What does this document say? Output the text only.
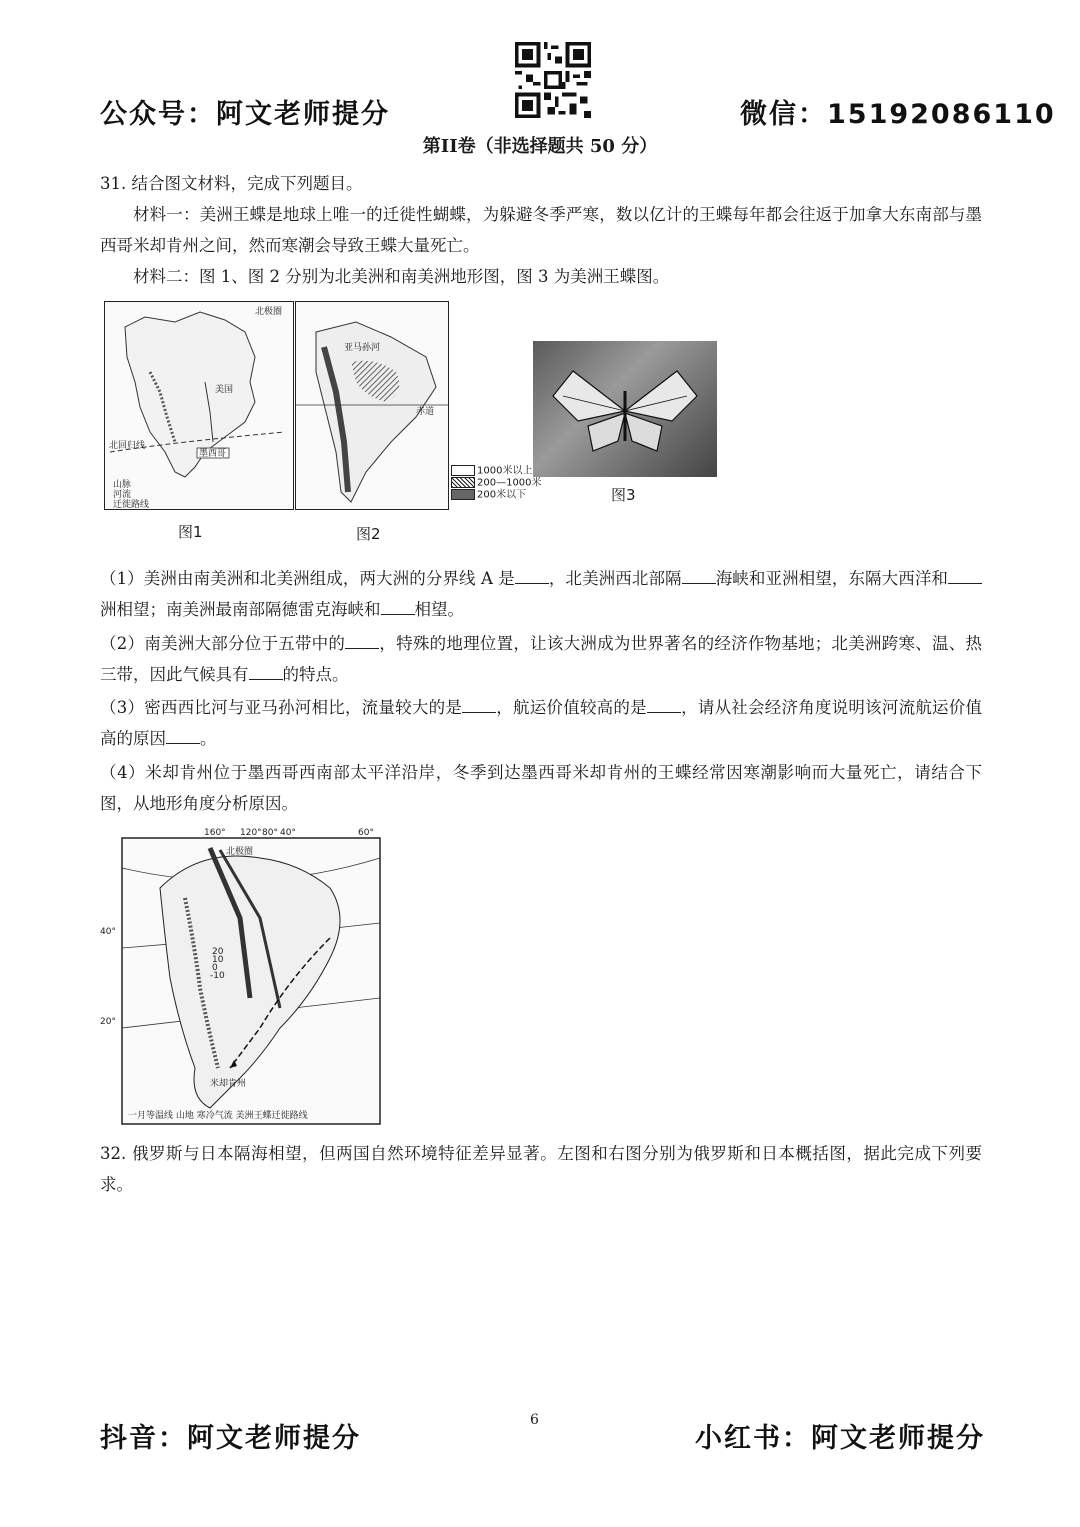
公众号：阿文老师提分	微信：15192086110
第II卷（非选择题共 50 分）
31. 结合图文材料，完成下列题目。
材料一：美洲王蝶是地球上唯一的迁徙性蝴蝶，为躲避冬季严寒，数以亿计的王蝶每年都会往返于加拿大东南部与墨西哥米却肯州之间，然而寒潮会导致王蝶大量死亡。
材料二：图 1、图 2 分别为北美洲和南美洲地形图，图 3 为美洲王蝶图。
墨西哥
美国
北回归线
北极圈
山脉
河流
迁徙路线
亚马孙河
赤道
1000米以上
200—1000米
200米以下
图1	图2
图3
（1）美洲由南美洲和北美洲组成，两大洲的分界线 A 是 ，北美洲西北部隔 海峡和亚洲相望，东隔大西洋和洲相望；南美洲最南部隔德雷克海峡和 相望。
（2）南美洲大部分位于五带中的 ，特殊的地理位置，让该大洲成为世界著名的经济作物基地；北美洲跨寒、温、热三带，因此气候具有 的特点。
（3）密西西比河与亚马孙河相比，流量较大的是 ，航运价值较高的是 ，请从社会经济角度说明该河流航运价值高的原因 。
（4）米却肯州位于墨西哥西南部太平洋沿岸，冬季到达墨西哥米却肯州的王蝶经常因寒潮影响而大量死亡，请结合下图，从地形角度分析原因。
160° 120° 80° 40°	60°
40°
20°
北极圈
20
10
0
-10
米却肯州
一月等温线 山地 寒冷气流 美洲王蝶迁徙路线
32. 俄罗斯与日本隔海相望，但两国自然环境特征差异显著。左图和右图分别为俄罗斯和日本概括图，据此完成下列要求。
抖音：阿文老师提分
6
小红书：阿文老师提分
